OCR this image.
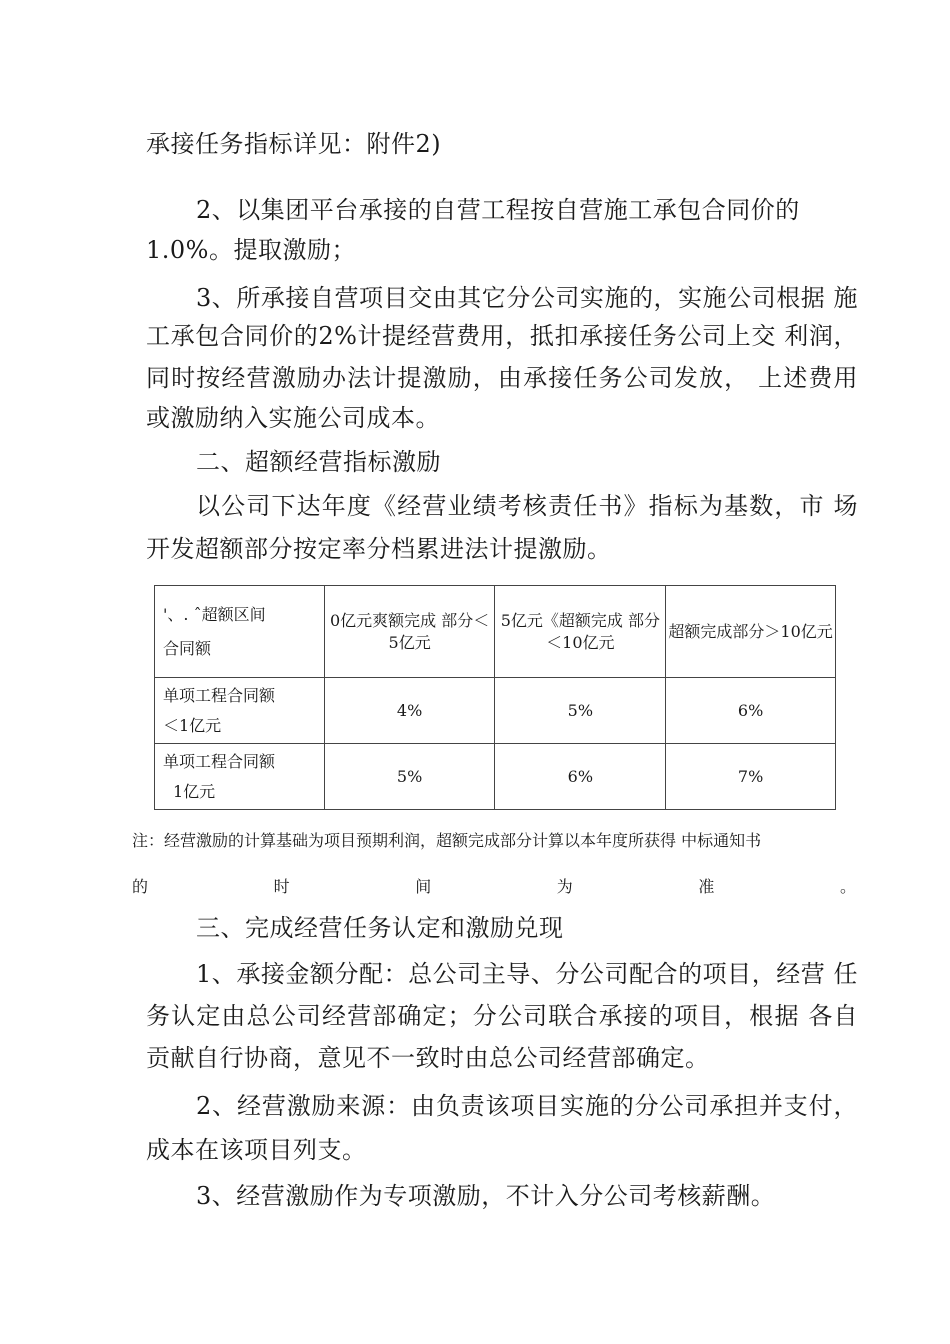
承接任务指标详见：附件2)
2、以集团平台承接的自营工程按自营施工承包合同价的
1.0%。提取激励；
3、所承接自营项目交由其它分公司实施的，实施公司根据 施
工承包合同价的2%计提经营费用，抵扣承接任务公司上交 利润，
同时按经营激励办法计提激励，由承接任务公司发放， 上述费用
或激励纳入实施公司成本。
二、超额经营指标激励
以公司下达年度《经营业绩考核责任书》指标为基数，市 场
开发超额部分按定率分档累进法计提激励。
'、. ˆ超额区间
合同额	0亿元爽额完成 部分＜5亿元	5亿元《超额完成 部分＜10亿元	超额完成部分＞10亿元

单项工程合同额
＜1亿元	4%	5%	6%

单项工程合同额
1亿元	5%	6%	7%
注：经营激励的计算基础为项目预期利润，超额完成部分计算以本年度所获得 中标通知书
的	时	间	为	准	。
三、完成经营任务认定和激励兑现
1、承接金额分配：总公司主导、分公司配合的项目，经营 任
务认定由总公司经营部确定；分公司联合承接的项目，根据 各自
贡献自行协商，意见不一致时由总公司经营部确定。
2、经营激励来源：由负责该项目实施的分公司承担并支付，
成本在该项目列支。
3、经营激励作为专项激励，不计入分公司考核薪酬。
